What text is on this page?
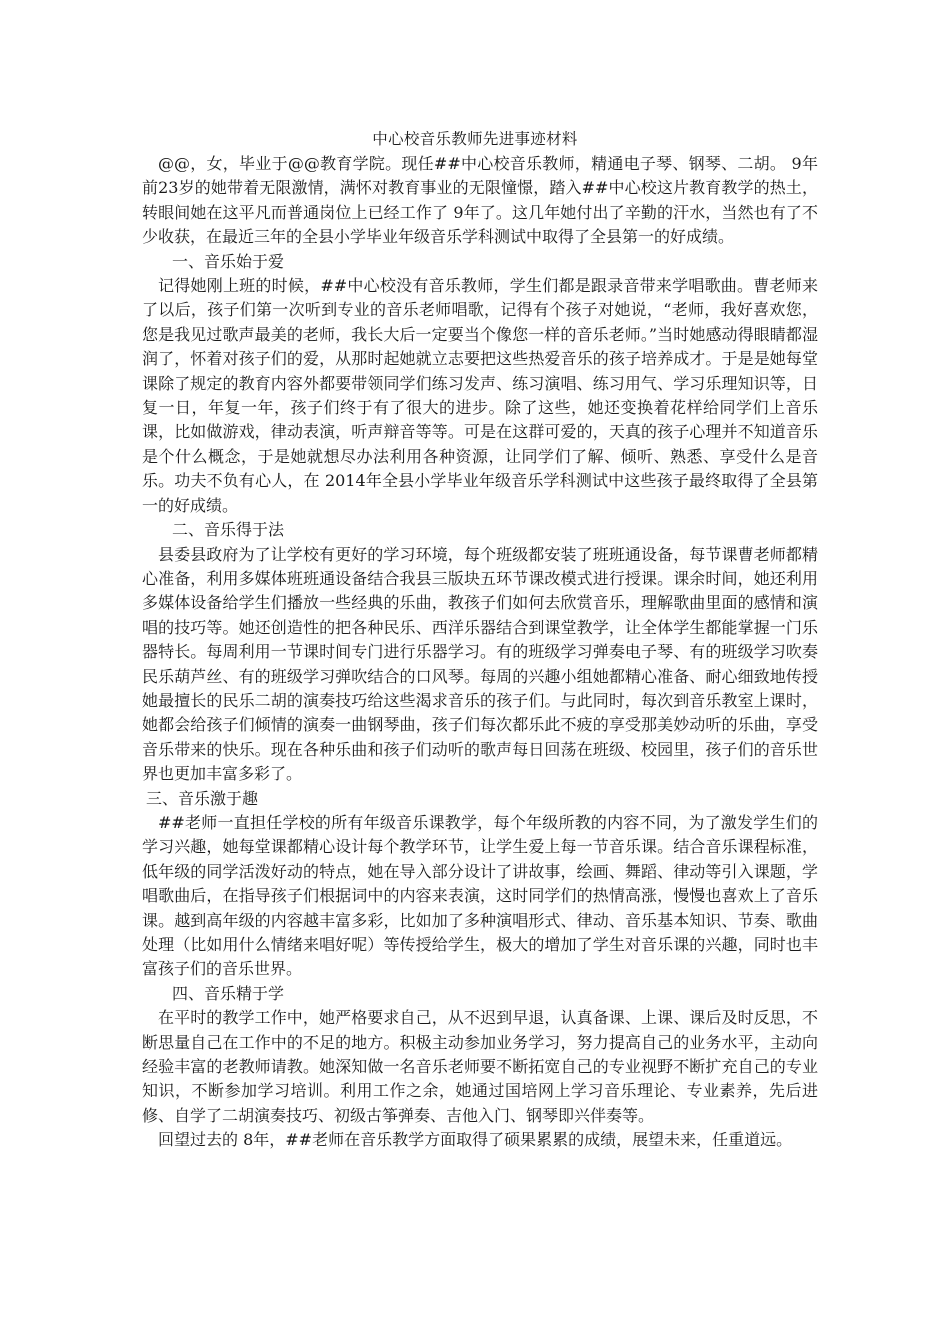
中心校音乐教师先进事迹材料

@@，女，毕业于@@教育学院。现任##中心校音乐教师，精通电子琴、钢琴、二胡。 9年前23岁的她带着无限激情，满怀对教育事业的无限憧憬，踏入##中心校这片教育教学的热土，转眼间她在这平凡而普通岗位上已经工作了 9年了。这几年她付出了辛勤的汗水，当然也有了不少收获，在最近三年的全县小学毕业年级音乐学科测试中取得了全县第一的好成绩。

一、音乐始于爱

记得她刚上班的时候，##中心校没有音乐教师，学生们都是跟录音带来学唱歌曲。曹老师来了以后，孩子们第一次听到专业的音乐老师唱歌，记得有个孩子对她说，“老师，我好喜欢您，您是我见过歌声最美的老师，我长大后一定要当个像您一样的音乐老师。”当时她感动得眼睛都湿润了，怀着对孩子们的爱，从那时起她就立志要把这些热爱音乐的孩子培养成才。于是是她每堂课除了规定的教育内容外都要带领同学们练习发声、练习演唱、练习用气、学习乐理知识等，日复一日，年复一年，孩子们终于有了很大的进步。除了这些，她还变换着花样给同学们上音乐课，比如做游戏，律动表演，听声辩音等等。可是在这群可爱的，天真的孩子心理并不知道音乐是个什么概念，于是她就想尽办法利用各种资源，让同学们了解、倾听、熟悉、享受什么是音乐。功夫不负有心人，在 2014年全县小学毕业年级音乐学科测试中这些孩子最终取得了全县第一的好成绩。

二、音乐得于法

县委县政府为了让学校有更好的学习环境，每个班级都安装了班班通设备，每节课曹老师都精心准备，利用多媒体班班通设备结合我县三版块五环节课改模式进行授课。课余时间，她还利用多媒体设备给学生们播放一些经典的乐曲，教孩子们如何去欣赏音乐，理解歌曲里面的感情和演唱的技巧等。她还创造性的把各种民乐、西洋乐器结合到课堂教学，让全体学生都能掌握一门乐器特长。每周利用一节课时间专门进行乐器学习。有的班级学习弹奏电子琴、有的班级学习吹奏民乐葫芦丝、有的班级学习弹吹结合的口风琴。每周的兴趣小组她都精心准备、耐心细致地传授她最擅长的民乐二胡的演奏技巧给这些渴求音乐的孩子们。与此同时，每次到音乐教室上课时，她都会给孩子们倾情的演奏一曲钢琴曲，孩子们每次都乐此不疲的享受那美妙动听的乐曲，享受音乐带来的快乐。现在各种乐曲和孩子们动听的歌声每日回荡在班级、校园里，孩子们的音乐世界也更加丰富多彩了。

三、音乐激于趣

##老师一直担任学校的所有年级音乐课教学，每个年级所教的内容不同，为了激发学生们的学习兴趣，她每堂课都精心设计每个教学环节，让学生爱上每一节音乐课。结合音乐课程标准，低年级的同学活泼好动的特点，她在导入部分设计了讲故事，绘画、舞蹈、律动等引入课题，学唱歌曲后，在指导孩子们根据词中的内容来表演，这时同学们的热情高涨，慢慢也喜欢上了音乐课。越到高年级的内容越丰富多彩，比如加了多种演唱形式、律动、音乐基本知识、节奏、歌曲处理（比如用什么情绪来唱好呢）等传授给学生，极大的增加了学生对音乐课的兴趣，同时也丰富孩子们的音乐世界。

四、音乐精于学

在平时的教学工作中，她严格要求自己，从不迟到早退，认真备课、上课、课后及时反思，不断思量自己在工作中的不足的地方。积极主动参加业务学习，努力提高自己的业务水平，主动向经验丰富的老教师请教。她深知做一名音乐老师要不断拓宽自己的专业视野不断扩充自己的专业知识，不断参加学习培训。利用工作之余，她通过国培网上学习音乐理论、专业素养，先后进修、自学了二胡演奏技巧、初级古筝弹奏、吉他入门、钢琴即兴伴奏等。

回望过去的 8年，##老师在音乐教学方面取得了硕果累累的成绩，展望未来，任重道远。
